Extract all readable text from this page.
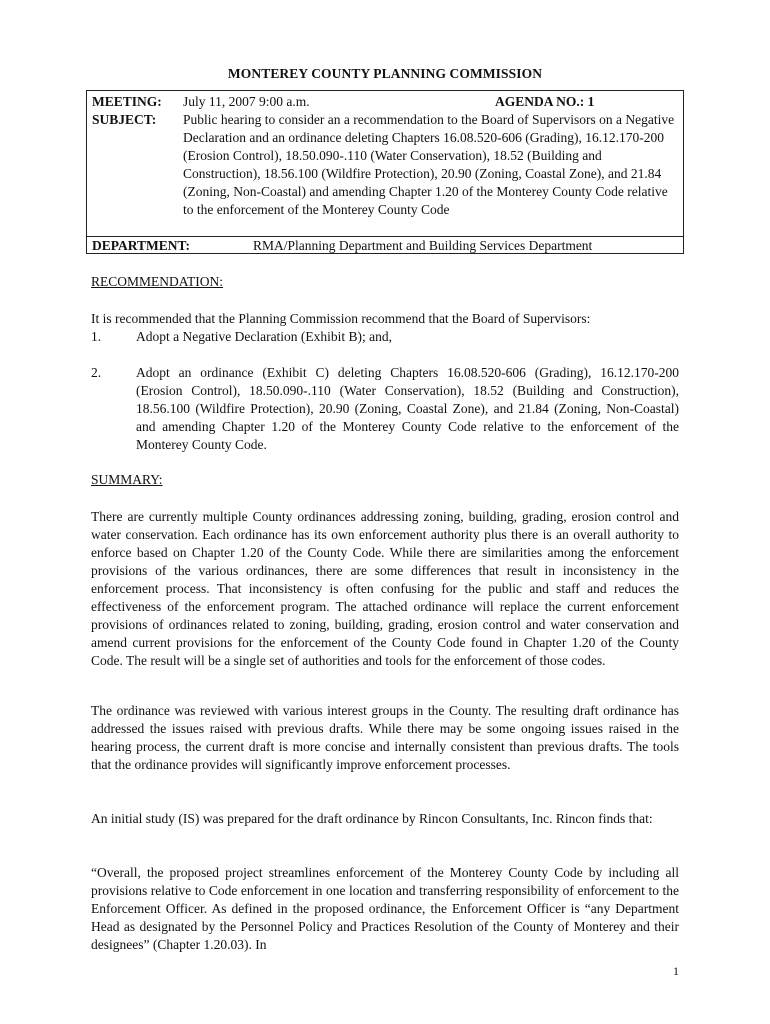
MONTEREY COUNTY PLANNING COMMISSION
MEETING: July 11, 2007 9:00 a.m.	AGENDA NO.: 1
SUBJECT: Public hearing to consider an a recommendation to the Board of Supervisors on a Negative Declaration and an ordinance deleting Chapters 16.08.520-606 (Grading), 16.12.170-200 (Erosion Control), 18.50.090-.110 (Water Conservation), 18.52 (Building and Construction), 18.56.100 (Wildfire Protection), 20.90 (Zoning, Coastal Zone), and 21.84 (Zoning, Non-Coastal) and amending Chapter 1.20 of the Monterey County Code relative to the enforcement of the Monterey County Code
DEPARTMENT:	RMA/Planning Department and Building Services Department
RECOMMENDATION:

It is recommended that the Planning Commission recommend that the Board of Supervisors:

1.	Adopt a Negative Declaration (Exhibit B); and,
2.	Adopt an ordinance (Exhibit C) deleting Chapters 16.08.520-606 (Grading), 16.12.170-200 (Erosion Control), 18.50.090-.110 (Water Conservation), 18.52 (Building and Construction), 18.56.100 (Wildfire Protection), 20.90 (Zoning, Coastal Zone), and 21.84 (Zoning, Non-Coastal) and amending Chapter 1.20 of the Monterey County Code relative to the enforcement of the Monterey County Code.
SUMMARY:

There are currently multiple County ordinances addressing zoning, building, grading, erosion control and water conservation. Each ordinance has its own enforcement authority plus there is an overall authority to enforce based on Chapter 1.20 of the County Code. While there are similarities among the enforcement provisions of the various ordinances, there are some differences that result in inconsistency in the enforcement process. That inconsistency is often confusing for the public and staff and reduces the effectiveness of the enforcement program. The attached ordinance will replace the current enforcement provisions of ordinances related to zoning, building, grading, erosion control and water conservation and amend current provisions for the enforcement of the County Code found in Chapter 1.20 of the County Code. The result will be a single set of authorities and tools for the enforcement of those codes.

The ordinance was reviewed with various interest groups in the County. The resulting draft ordinance has addressed the issues raised with previous drafts. While there may be some ongoing issues raised in the hearing process, the current draft is more concise and internally consistent than previous drafts. The tools that the ordinance provides will significantly improve enforcement processes.

An initial study (IS) was prepared for the draft ordinance by Rincon Consultants, Inc. Rincon finds that:

“Overall, the proposed project streamlines enforcement of the Monterey County Code by including all provisions relative to Code enforcement in one location and transferring responsibility of enforcement to the Enforcement Officer. As defined in the proposed ordinance, the Enforcement Officer is “any Department Head as designated by the Personnel Policy and Practices Resolution of the County of Monterey and their designees” (Chapter 1.20.03). In

1
